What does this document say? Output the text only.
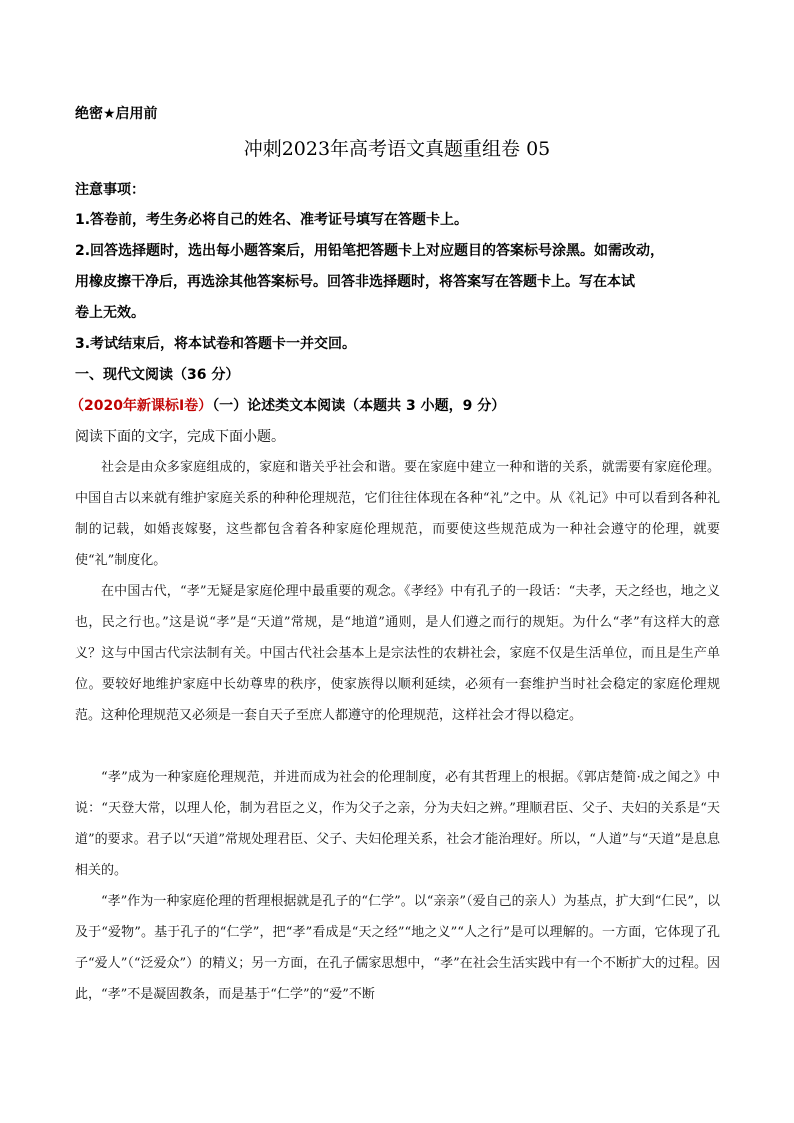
绝密★启用前
冲刺2023年高考语文真题重组卷 05
注意事项：
1.答卷前，考生务必将自己的姓名、准考证号填写在答题卡上。
2.回答选择题时，选出每小题答案后，用铅笔把答题卡上对应题目的答案标号涂黑。如需改动，
用橡皮擦干净后，再选涂其他答案标号。回答非选择题时，将答案写在答题卡上。写在本试
卷上无效。
3.考试结束后，将本试卷和答题卡一并交回。
一、现代文阅读（36 分）
（2020年新课标Ⅰ卷）（一）论述类文本阅读（本题共 3 小题，9 分）
阅读下面的文字，完成下面小题。

社会是由众多家庭组成的，家庭和谐关乎社会和谐。要在家庭中建立一种和谐的关系，就需要有家庭伦理。中国自古以来就有维护家庭关系的种种伦理规范，它们往往体现在各种“礼”之中。从《礼记》中可以看到各种礼制的记载，如婚丧嫁娶，这些都包含着各种家庭伦理规范，而要使这些规范成为一种社会遵守的伦理，就要使“礼”制度化。

在中国古代，“孝”无疑是家庭伦理中最重要的观念。《孝经》中有孔子的一段话：“夫孝，天之经也，地之义也，民之行也。”这是说“孝”是“天道”常规，是“地道”通则，是人们遵之而行的规矩。为什么“孝”有这样大的意义？这与中国古代宗法制有关。中国古代社会基本上是宗法性的农耕社会，家庭不仅是生活单位，而且是生产单位。要较好地维护家庭中长幼尊卑的秩序，使家族得以顺利延续，必须有一套维护当时社会稳定的家庭伦理规范。这种伦理规范又必须是一套自天子至庶人都遵守的伦理规范，这样社会才得以稳定。

“孝”成为一种家庭伦理规范，并进而成为社会的伦理制度，必有其哲理上的根据。《郭店楚简·成之闻之》中说：“天登大常，以理人伦，制为君臣之义，作为父子之亲，分为夫妇之辨。”理顺君臣、父子、夫妇的关系是“天道”的要求。君子以“天道”常规处理君臣、父子、夫妇伦理关系，社会才能治理好。所以，“人道”与“天道”是息息相关的。

“孝”作为一种家庭伦理的哲理根据就是孔子的“仁学”。以“亲亲”（爱自己的亲人）为基点，扩大到“仁民”，以及于“爱物”。基于孔子的“仁学”，把“孝”看成是“天之经”“地之义”“人之行”是可以理解的。一方面，它体现了孔子“爱人”（“泛爱众”）的精义；另一方面，在孔子儒家思想中，“孝”在社会生活实践中有一个不断扩大的过程。因此，“孝”不是凝固教条，而是基于“仁学”的“爱”不断
